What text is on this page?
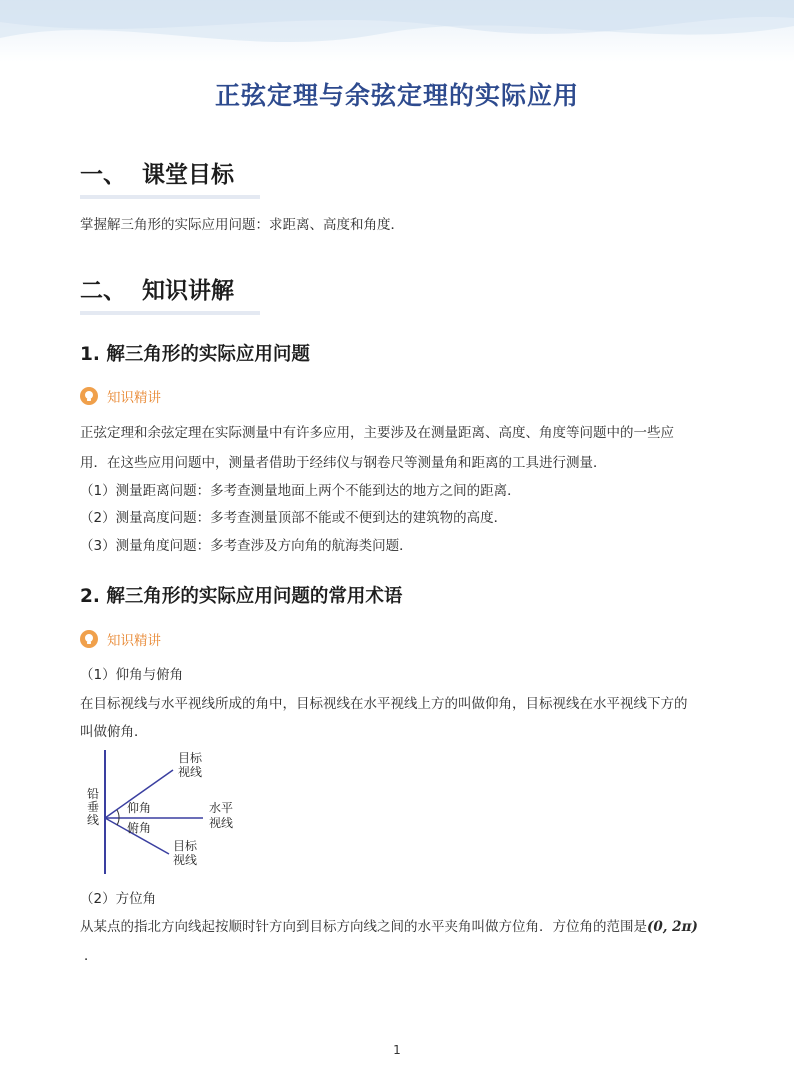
正弦定理与余弦定理的实际应用
一、  课堂目标
掌握解三角形的实际应用问题：求距离、高度和角度．
二、  知识讲解
1. 解三角形的实际应用问题
知识精讲
正弦定理和余弦定理在实际测量中有许多应用，主要涉及在测量距离、高度、角度等问题中的一些应
用．在这些应用问题中，测量者借助于经纬仪与钢卷尺等测量角和距离的工具进行测量．
（1）测量距离问题：多考查测量地面上两个不能到达的地方之间的距离．
（2）测量高度问题：多考查测量顶部不能或不便到达的建筑物的高度．
（3）测量角度问题：多考查涉及方向角的航海类问题．
2. 解三角形的实际应用问题的常用术语
知识精讲
（1）仰角与俯角
在目标视线与水平视线所成的角中，目标视线在水平视线上方的叫做仰角，目标视线在水平视线下方的
叫做俯角．
铅 垂 线
仰角
俯角
水平
视线
目标
视线
目标
视线
（2）方位角
从某点的指北方向线起按顺时针方向到目标方向线之间的水平夹角叫做方位角．方位角的范围是(0, 2π)
．
1
